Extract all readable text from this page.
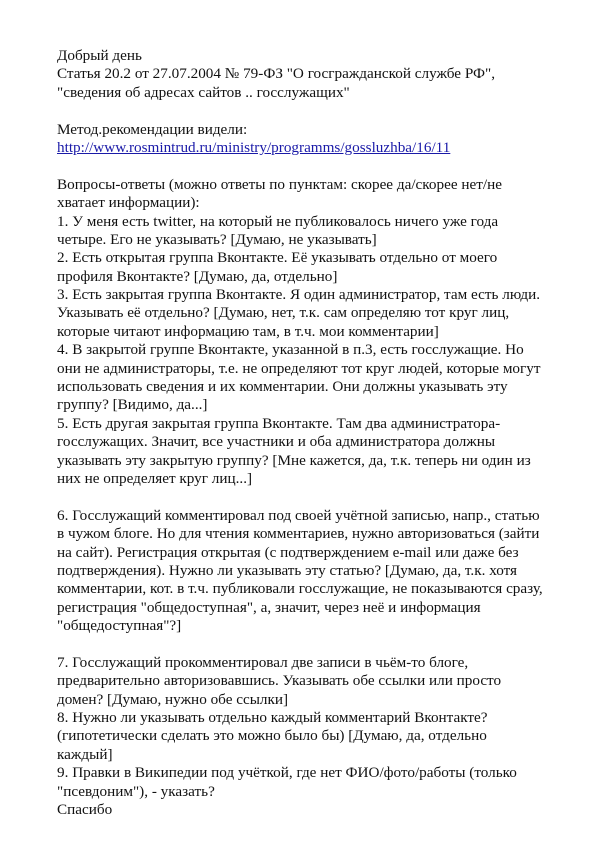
Добрый день
Статья 20.2 от 27.07.2004 № 79-ФЗ "О госгражданской службе РФ",
"сведения об адресах сайтов .. госслужащих"
Метод.рекомендации видели:
http://www.rosmintrud.ru/ministry/programms/gossluzhba/16/11
Вопросы-ответы (можно ответы по пунктам: скорее да/скорее нет/не
хватает информации):
1. У меня есть twitter, на который не публиковалось ничего уже года
четыре. Его не указывать? [Думаю, не указывать]
2. Есть открытая группа Вконтакте. Её указывать отдельно от моего
профиля Вконтакте? [Думаю, да, отдельно]
3. Есть закрытая группа Вконтакте. Я один администратор, там есть люди.
Указывать её отдельно? [Думаю, нет, т.к. сам определяю тот круг лиц,
которые читают информацию там, в т.ч. мои комментарии]
4. В закрытой группе Вконтакте, указанной в п.3, есть госслужащие. Но
они не администраторы, т.е. не определяют тот круг людей, которые могут
использовать сведения и их комментарии. Они должны указывать эту
группу? [Видимо, да...]
5. Есть другая закрытая группа Вконтакте. Там два администратора-
госслужащих. Значит, все участники и оба администратора должны
указывать эту закрытую группу? [Мне кажется, да, т.к. теперь ни один из
них не определяет круг лиц...]
6. Госслужащий комментировал под своей учётной записью, напр., статью
в чужом блоге. Но для чтения комментариев, нужно авторизоваться (зайти
на сайт). Регистрация открытая (с подтверждением e-mail или даже без
подтверждения). Нужно ли указывать эту статью? [Думаю, да, т.к. хотя
комментарии, кот. в т.ч. публиковали госслужащие, не показываются сразу,
регистрация "общедоступная", а, значит, через неё и информация
"общедоступная"?]
7. Госслужащий прокомментировал две записи в чьём-то блоге,
предварительно авторизовавшись. Указывать обе ссылки или просто
домен? [Думаю, нужно обе ссылки]
8. Нужно ли указывать отдельно каждый комментарий Вконтакте?
(гипотетически сделать это можно было бы) [Думаю, да, отдельно
каждый]
9. Правки в Википедии под учёткой, где нет ФИО/фото/работы (только
"псевдоним"), - указать?
Спасибо
